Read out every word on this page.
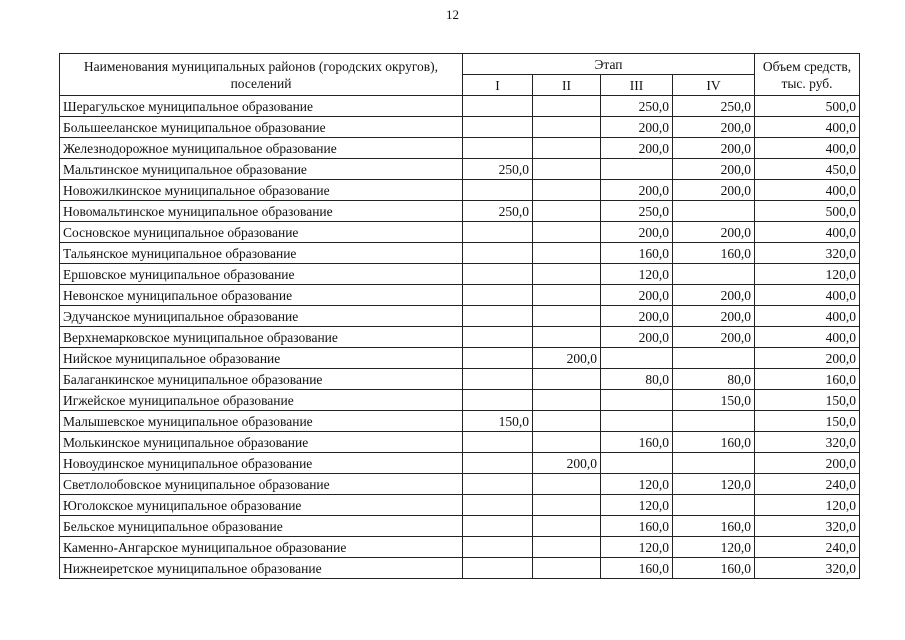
12
Наименования муниципальных районов (городских округов), поселений	Этап				Объем средств, тыс. руб.
	I	II	III	IV	
Шерагульское муниципальное образование			250,0	250,0	500,0
Большееланское муниципальное образование			200,0	200,0	400,0
Железнодорожное муниципальное образование			200,0	200,0	400,0
Мальтинское муниципальное образование	250,0			200,0	450,0
Новожилкинское муниципальное образование			200,0	200,0	400,0
Новомальтинское муниципальное образование	250,0		250,0		500,0
Сосновское муниципальное образование			200,0	200,0	400,0
Тальянское муниципальное образование			160,0	160,0	320,0
Ершовское муниципальное образование			120,0		120,0
Невонское муниципальное образование			200,0	200,0	400,0
Эдучанское муниципальное образование			200,0	200,0	400,0
Верхнемарковское муниципальное образование			200,0	200,0	400,0
Нийское муниципальное образование		200,0			200,0
Балаганкинское муниципальное образование			80,0	80,0	160,0
Игжейское муниципальное образование				150,0	150,0
Малышевское муниципальное образование	150,0				150,0
Молькинское муниципальное образование			160,0	160,0	320,0
Новоудинское муниципальное образование		200,0			200,0
Светлолобовское муниципальное образование			120,0	120,0	240,0
Юголокское муниципальное образование			120,0		120,0
Бельское муниципальное образование			160,0	160,0	320,0
Каменно-Ангарское муниципальное образование			120,0	120,0	240,0
Нижнеиретское муниципальное образование			160,0	160,0	320,0
